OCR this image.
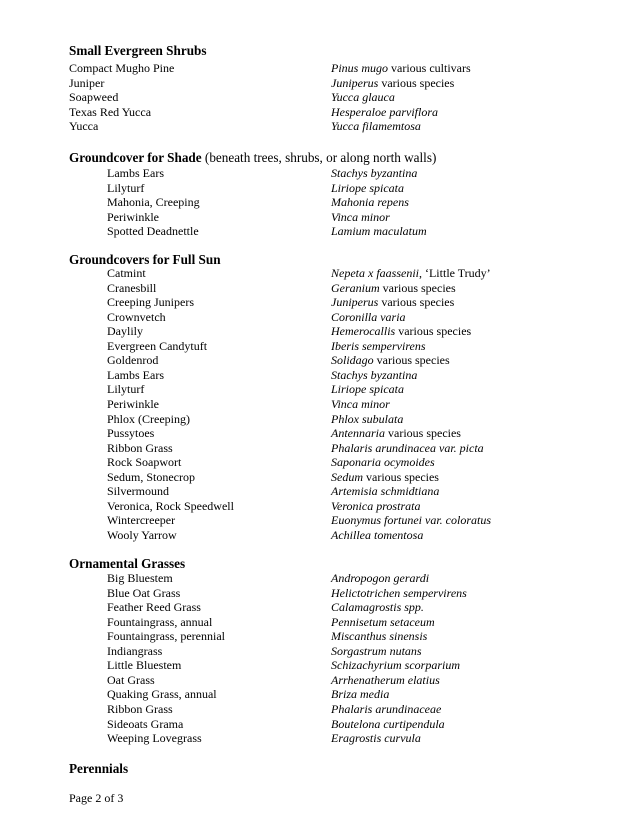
Small Evergreen Shrubs
Compact Mugho Pine	Pinus mugo various cultivars
Juniper	Juniperus various species
Soapweed	Yucca glauca
Texas Red Yucca	Hesperaloe parviflora
Yucca	Yucca filamemtosa
Groundcover for Shade (beneath trees, shrubs, or along north walls)
Lambs Ears	Stachys byzantina
Lilyturf	Liriope spicata
Mahonia, Creeping	Mahonia repens
Periwinkle	Vinca minor
Spotted Deadnettle	Lamium maculatum
Groundcovers for Full Sun
Catmint	Nepeta x faassenii, ‘Little Trudy’
Cranesbill	Geranium various species
Creeping Junipers	Juniperus various species
Crownvetch	Coronilla varia
Daylily	Hemerocallis various species
Evergreen Candytuft	Iberis sempervirens
Goldenrod	Solidago various species
Lambs Ears	Stachys byzantina
Lilyturf	Liriope spicata
Periwinkle	Vinca minor
Phlox (Creeping)	Phlox subulata
Pussytoes	Antennaria various species
Ribbon Grass	Phalaris arundinacea var. picta
Rock Soapwort	Saponaria ocymoides
Sedum, Stonecrop	Sedum various species
Silvermound	Artemisia schmidtiana
Veronica, Rock Speedwell	Veronica prostrata
Wintercreeper	Euonymus fortunei var. coloratus
Wooly Yarrow	Achillea tomentosa
Ornamental Grasses
Big Bluestem	Andropogon gerardi
Blue Oat Grass	Helictotrichen sempervirens
Feather Reed Grass	Calamagrostis spp.
Fountaingrass, annual	Pennisetum setaceum
Fountaingrass, perennial	Miscanthus sinensis
Indiangrass	Sorgastrum nutans
Little Bluestem	Schizachyrium scorparium
Oat Grass	Arrhenatherum elatius
Quaking Grass, annual	Briza media
Ribbon Grass	Phalaris arundinaceae
Sideoats Grama	Boutelona curtipendula
Weeping Lovegrass	Eragrostis curvula
Perennials
Page 2 of 3
